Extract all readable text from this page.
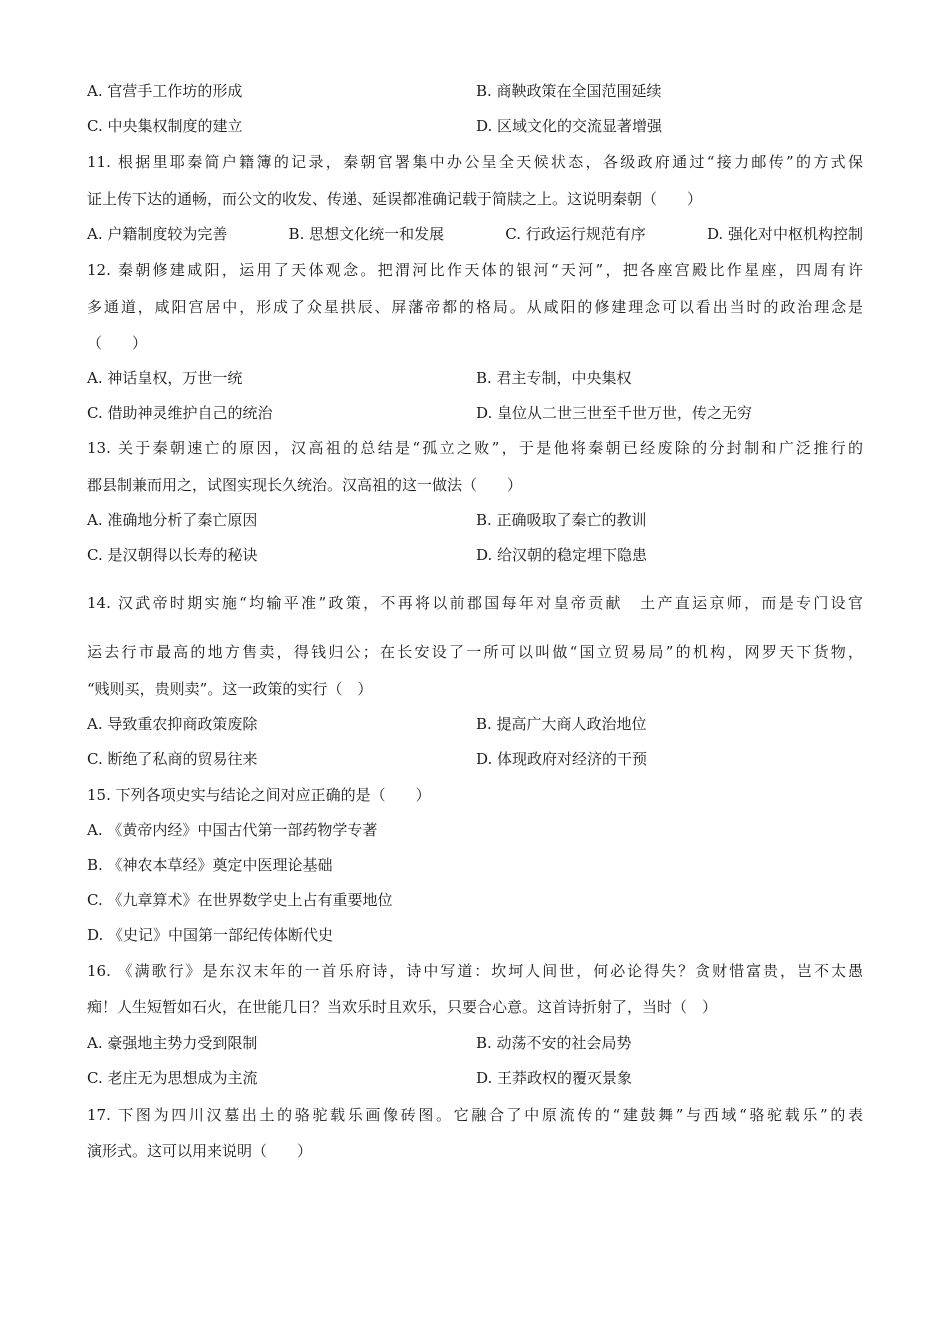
A. 官营手工作坊的形成	B. 商鞅政策在全国范围延续
C. 中央集权制度的建立	D. 区域文化的交流显著增强
11. 根据里耶秦简户籍簿的记录，秦朝官署集中办公呈全天候状态，各级政府通过“接力邮传”的方式保
证上传下达的通畅，而公文的收发、传递、延误都准确记载于简牍之上。这说明秦朝（　　）
A. 户籍制度较为完善	B. 思想文化统一和发展	C. 行政运行规范有序	D. 强化对中枢机构控制
12. 秦朝修建咸阳，运用了天体观念。把渭河比作天体的银河“天河”，把各座宫殿比作星座，四周有许
多通道，咸阳宫居中，形成了众星拱辰、屏藩帝都的格局。从咸阳的修建理念可以看出当时的政治理念是
（　　）
A. 神话皇权，万世一统	B. 君主专制，中央集权
C. 借助神灵维护自己的统治	D. 皇位从二世三世至千世万世，传之无穷
13. 关于秦朝速亡的原因，汉高祖的总结是“孤立之败”，于是他将秦朝已经废除的分封制和广泛推行的
郡县制兼而用之，试图实现长久统治。汉高祖的这一做法（　　）
A. 准确地分析了秦亡原因	B. 正确吸取了秦亡的教训
C. 是汉朝得以长寿的秘诀	D. 给汉朝的稳定埋下隐患
14. 汉武帝时期实施“均输平准”政策，不再将以前郡国每年对皇帝贡献　土产直运京师，而是专门设官
运去行市最高的地方售卖，得钱归公；在长安设了一所可以叫做“国立贸易局”的机构，网罗天下货物，
“贱则买，贵则卖”。这一政策的实行（　）
A. 导致重农抑商政策废除	B. 提高广大商人政治地位
C. 断绝了私商的贸易往来	D. 体现政府对经济的干预
15. 下列各项史实与结论之间对应正确的是（　　）
A. 《黄帝内经》中国古代第一部药物学专著
B. 《神农本草经》奠定中医理论基础
C. 《九章算术》在世界数学史上占有重要地位
D. 《史记》中国第一部纪传体断代史
16. 《满歌行》是东汉末年的一首乐府诗，诗中写道：坎坷人间世，何必论得失？贪财惜富贵，岂不太愚
痴！人生短暂如石火，在世能几日？当欢乐时且欢乐，只要合心意。这首诗折射了，当时（　）
A. 豪强地主势力受到限制	B. 动荡不安的社会局势
C. 老庄无为思想成为主流	D. 王莽政权的覆灭景象
17. 下图为四川汉墓出土的骆驼载乐画像砖图。它融合了中原流传的“建鼓舞”与西域“骆驼载乐”的表
演形式。这可以用来说明（　　）
